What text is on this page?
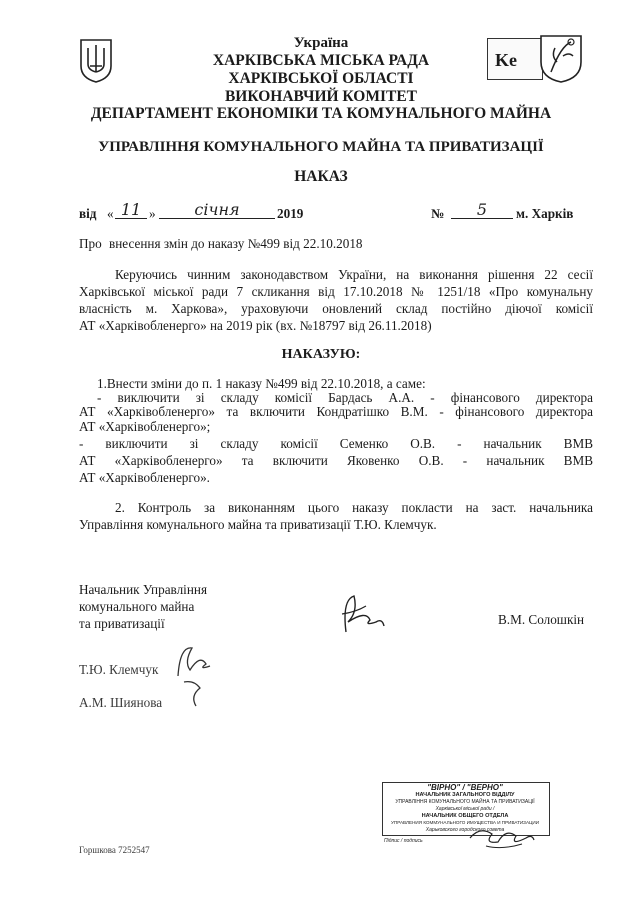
Ke
Україна
ХАРКІВСЬКА МІСЬКА РАДА
ХАРКІВСЬКОЇ ОБЛАСТІ
ВИКОНАВЧИЙ КОМІТЕТ
ДЕПАРТАМЕНТ ЕКОНОМІКИ ТА КОМУНАЛЬНОГО МАЙНА
УПРАВЛІННЯ КОМУНАЛЬНОГО МАЙНА ТА ПРИВАТИЗАЦІЇ
НАКАЗ
від « 11 »	січня	2019	№	5	м. Харків
Про внесення змін до наказу №499 від 22.10.2018
Керуючись чинним законодавством України, на виконання рішення 22 сесії
Харківської міської ради 7 скликання від 17.10.2018 № 1251/18 «Про комунальну
власність м. Харкова», ураховуючи оновлений склад постійно діючої комісії
АТ «Харківобленерго» на 2019 рік (вх. №18797 від 26.11.2018)
НАКАЗУЮ:
1.Внести зміни до п. 1 наказу №499 від 22.10.2018, а саме:
- виключити зі складу комісії Бардась А.А. - фінансового директора
АТ «Харківобленерго» та включити Кондратішко В.М. - фінансового директора
АТ «Харківобленерго»;
- виключити зі складу комісії Семенко О.В. - начальник ВМВ
АТ «Харківобленерго» та включити Яковенко О.В. - начальник ВМВ
АТ «Харківобленерго».
2. Контроль за виконанням цього наказу покласти на заст. начальника
Управління комунального майна та приватизації Т.Ю. Клемчук.
Начальник Управління
комунального майна
та приватизації	В.М. Солошкін
Т.Ю. Клемчук
А.М. Шиянова
"ВІРНО" / "ВЕРНО"
НАЧАЛЬНИК ЗАГАЛЬНОГО ВІДДІЛУ
УПРАВЛІННЯ КОМУНАЛЬНОГО МАЙНА ТА ПРИВАТИЗАЦІЇ
Харківської міської ради /
НАЧАЛЬНИК ОБЩЕГО ОТДЕЛА
УПРАВЛЕНИЯ КОММУНАЛЬНОГО ИМУЩЕСТВА И ПРИВАТИЗАЦИИ
Харьковского городского совета
Підпис / подпись
Горшкова 7252547
